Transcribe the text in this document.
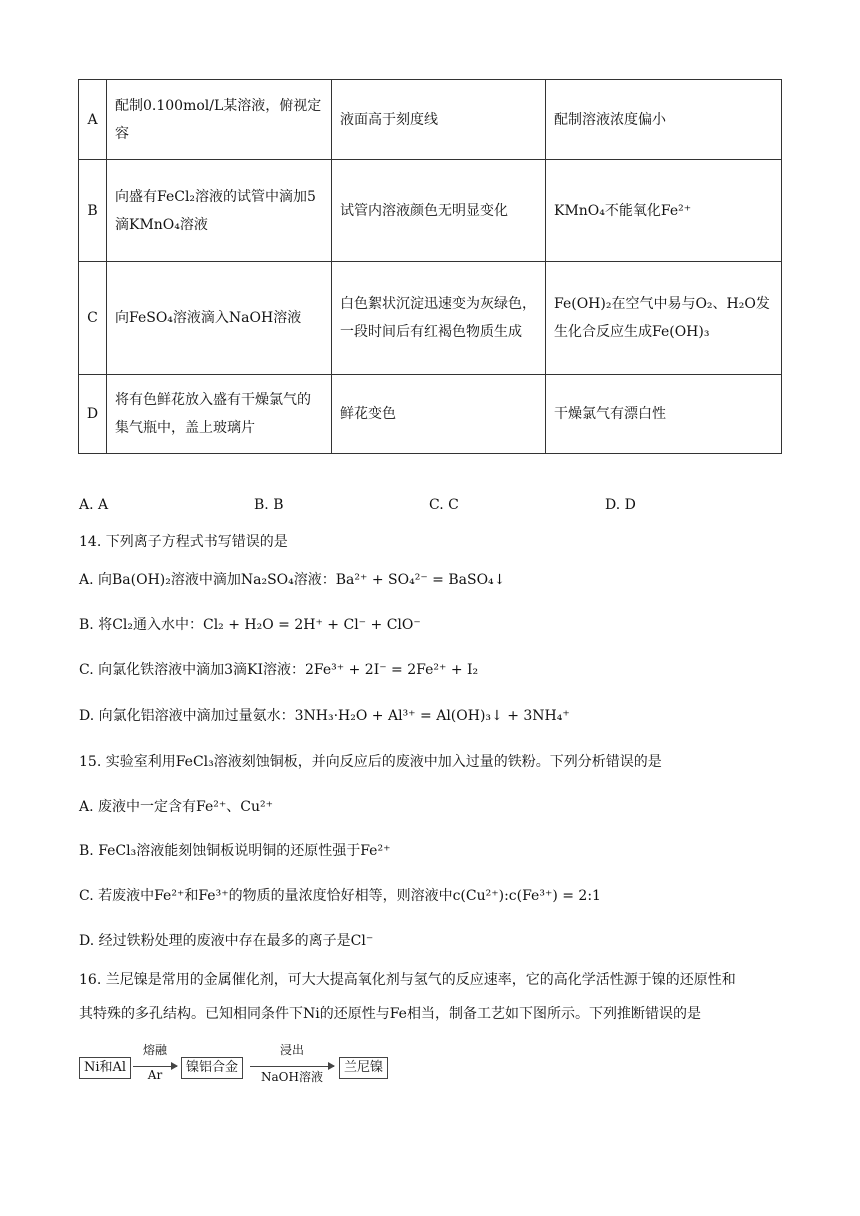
A	配制0.100mol/L某溶液，俯视定容	液面高于刻度线	配制溶液浓度偏小
B	向盛有FeCl₂溶液的试管中滴加5滴KMnO₄溶液	试管内溶液颜色无明显变化	KMnO₄不能氧化Fe²⁺
C	向FeSO₄溶液滴入NaOH溶液	白色絮状沉淀迅速变为灰绿色，一段时间后有红褐色物质生成	Fe(OH)₂在空气中易与O₂、H₂O发生化合反应生成Fe(OH)₃
D	将有色鲜花放入盛有干燥氯气的集气瓶中，盖上玻璃片	鲜花变色	干燥氯气有漂白性
A. A	B. B	C. C	D. D
14. 下列离子方程式书写错误的是
A. 向Ba(OH)₂溶液中滴加Na₂SO₄溶液：Ba²⁺ + SO₄²⁻ = BaSO₄↓
B. 将Cl₂通入水中：Cl₂ + H₂O = 2H⁺ + Cl⁻ + ClO⁻
C. 向氯化铁溶液中滴加3滴KI溶液：2Fe³⁺ + 2I⁻ = 2Fe²⁺ + I₂
D. 向氯化铝溶液中滴加过量氨水：3NH₃·H₂O + Al³⁺ = Al(OH)₃↓ + 3NH₄⁺
15. 实验室利用FeCl₃溶液刻蚀铜板，并向反应后的废液中加入过量的铁粉。下列分析错误的是
A. 废液中一定含有Fe²⁺、Cu²⁺
B. FeCl₃溶液能刻蚀铜板说明铜的还原性强于Fe²⁺
C. 若废液中Fe²⁺和Fe³⁺的物质的量浓度恰好相等，则溶液中c(Cu²⁺):c(Fe³⁺) = 2:1
D. 经过铁粉处理的废液中存在最多的离子是Cl⁻
16. 兰尼镍是常用的金属催化剂，可大大提高氧化剂与氢气的反应速率，它的高化学活性源于镍的还原性和
其特殊的多孔结构。已知相同条件下Ni的还原性与Fe相当，制备工艺如下图所示。下列推断错误的是
Ni和Al
熔融
Ar	镍铝合金
浸出
NaOH溶液
兰尼镍
